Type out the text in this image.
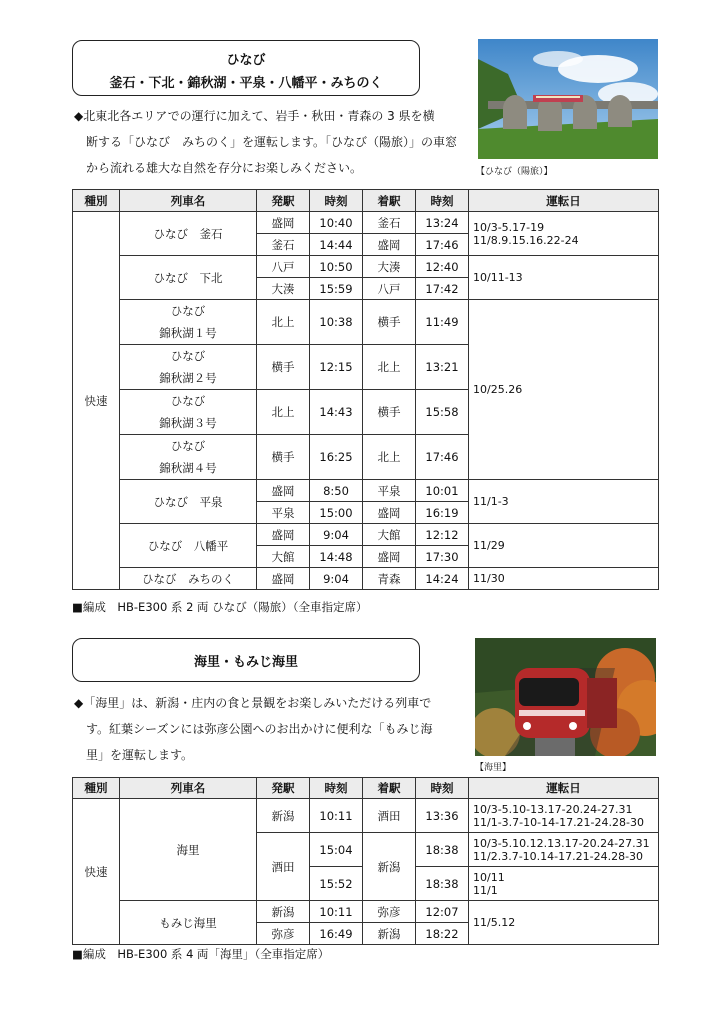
ひなび
釜石・下北・錦秋湖・平泉・八幡平・みちのく
【ひなび（陽旅）】

◆北東北各エリアでの運行に加えて、岩手・秋田・青森の 3 県を横

断する「ひなび　みちのく」を運転します。「ひなび（陽旅）」の車窓

から流れる雄大な自然を存分にお楽しみください。

種別	列車名	発駅	時刻	着駅	時刻	運転日
快速	ひなび　釜石	盛岡	10:40	釜石	13:24	10/3-5.17-19
11/8.9.15.16.22-24

		釜石	14:44	盛岡	17:46	
	ひなび　下北	八戸	10:50	大湊	12:40	10/11-13
		大湊	15:59	八戸	17:42	

	ひなび
錦秋湖１号	北上	10:38	横手	11:49	10/25.26

	ひなび
錦秋湖２号	横手	12:15	北上	13:21	

	ひなび
錦秋湖３号	北上	14:43	横手	15:58	

	ひなび
錦秋湖４号	横手	16:25	北上	17:46	

	ひなび　平泉	盛岡	8:50	平泉	10:01	11/1-3
		平泉	15:00	盛岡	16:19	
	ひなび　八幡平	盛岡	9:04	大館	12:12	11/29
		大館	14:48	盛岡	17:30	
	ひなび　みちのく	盛岡	9:04	青森	14:24	11/30
■編成　HB-E300 系 2 両 ひなび（陽旅）（全車指定席）
海里・もみじ海里
【海里】

◆「海里」は、新潟・庄内の食と景観をお楽しみいただける列車で

す。紅葉シーズンには弥彦公園へのお出かけに便利な「もみじ海

里」を運転します。

種別	列車名	発駅	時刻	着駅	時刻	運転日
快速	海里	新潟	10:11	酒田	13:36	10/3-5.10-13.17-20.24-27.31
11/1-3.7-10-14-17.21-24.28-30

		酒田	15:04	新潟	18:38	10/3-5.10.12.13.17-20.24-27.31
11/2.3.7-10.14-17.21-24.28-30

			15:52		18:38	10/11
11/1

	もみじ海里	新潟	10:11	弥彦	12:07	11/5.12
		弥彦	16:49	新潟	18:22	
■編成　HB-E300 系 4 両「海里」（全車指定席）
